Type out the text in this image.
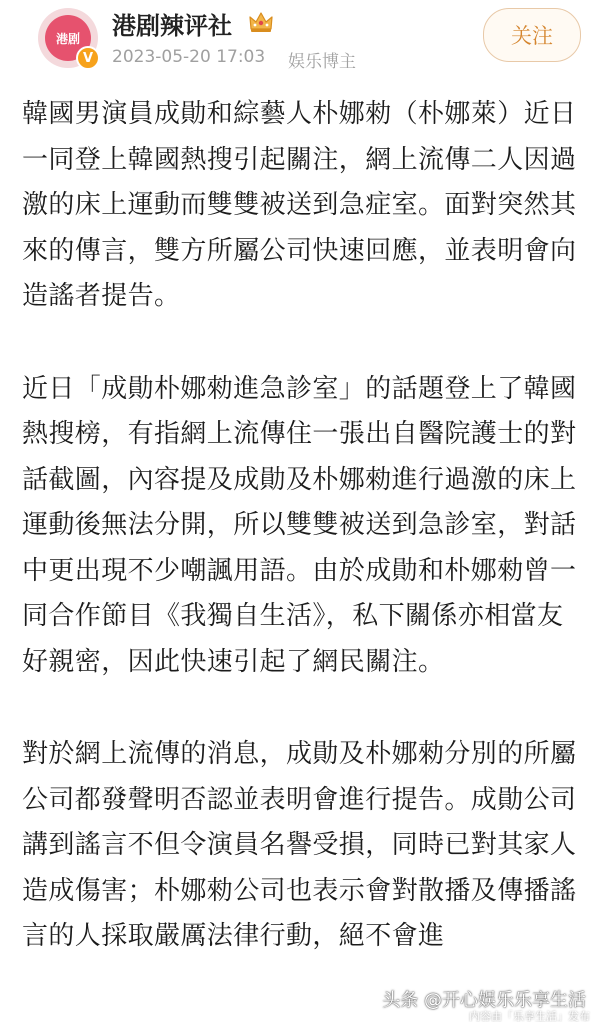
港剧
V
港剧辣评社
2023-05-20 17:03 娱乐博主
关注

韓國男演員成勛和綜藝人朴娜勑（朴娜萊）近日一同登上韓國熱搜引起關注，網上流傳二人因過激的床上運動而雙雙被送到急症室。面對突然其來的傳言，雙方所屬公司快速回應，並表明會向造謠者提告。

近日「成勛朴娜勑進急診室」的話題登上了韓國熱搜榜，有指網上流傳住一張出自醫院護士的對話截圖，內容提及成勛及朴娜勑進行過激的床上運動後無法分開，所以雙雙被送到急診室，對話中更出現不少嘲諷用語。由於成勛和朴娜勑曾一同合作節目《我獨自生活》，私下關係亦相當友好親密，因此快速引起了網民關注。

對於網上流傳的消息，成勛及朴娜勑分別的所屬公司都發聲明否認並表明會進行提告。成勛公司講到謠言不但令演員名譽受損，同時已對其家人造成傷害；朴娜勑公司也表示會對散播及傳播謠言的人採取嚴厲法律行動，絕不會進

头条 @开心娱乐乐享生活
内容由「乐享生活」发布
